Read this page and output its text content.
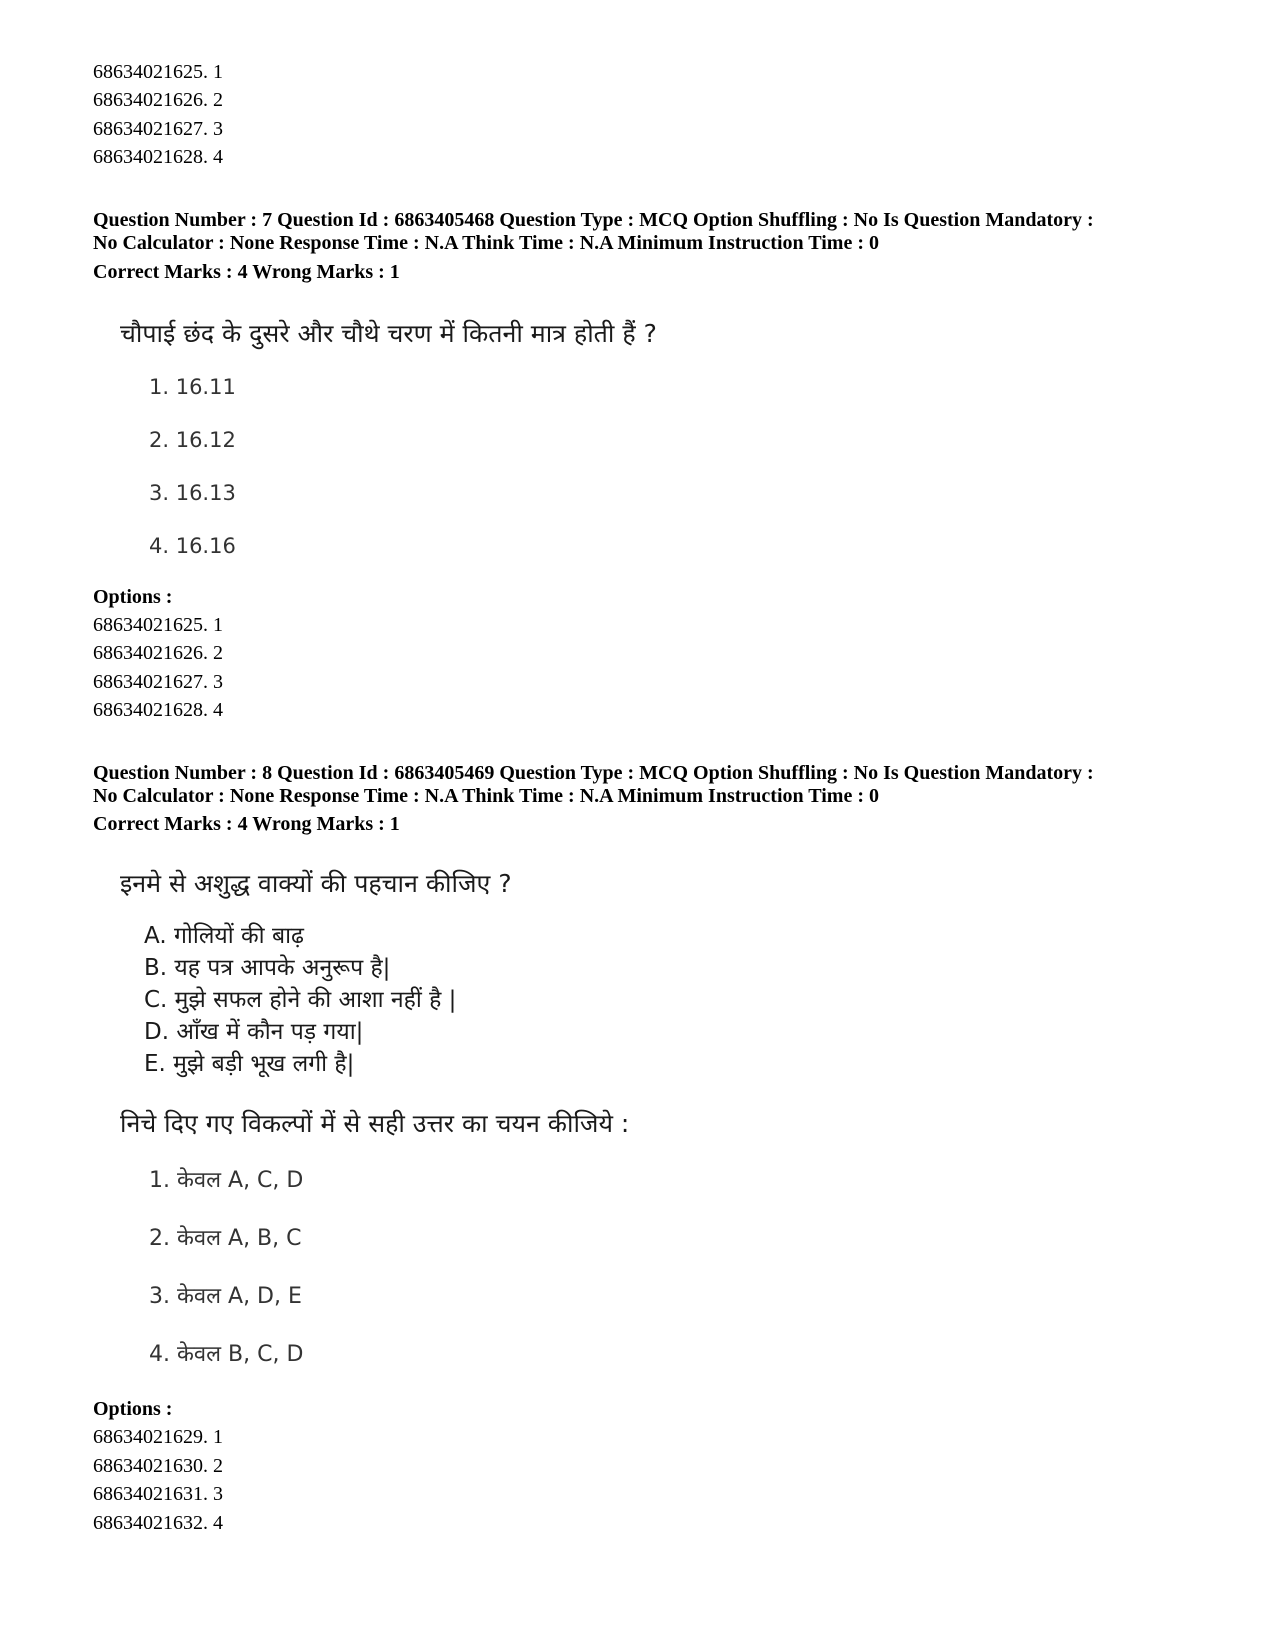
68634021625. 1
68634021626. 2
68634021627. 3
68634021628. 4
Question Number : 7 Question Id : 6863405468 Question Type : MCQ Option Shuffling : No Is Question Mandatory :
No Calculator : None Response Time : N.A Think Time : N.A Minimum Instruction Time : 0
Correct Marks : 4 Wrong Marks : 1
चौपाई छंद के दुसरे और चौथे चरण में कितनी मात्र होती हैं ?
1. 16.11
2. 16.12
3. 16.13
4. 16.16
Options :
68634021625. 1
68634021626. 2
68634021627. 3
68634021628. 4
Question Number : 8 Question Id : 6863405469 Question Type : MCQ Option Shuffling : No Is Question Mandatory :
No Calculator : None Response Time : N.A Think Time : N.A Minimum Instruction Time : 0
Correct Marks : 4 Wrong Marks : 1
इनमे से अशुद्ध वाक्यों की पहचान कीजिए ?
A. गोलियों की बाढ़
B. यह पत्र आपके अनुरूप है|
C. मुझे सफल होने की आशा नहीं है |
D. आँख में कौन पड़ गया|
E. मुझे बड़ी भूख लगी है|
निचे दिए गए विकल्पों में से सही उत्तर का चयन कीजिये :
1. केवल A, C, D
2. केवल A, B, C
3. केवल A, D, E
4. केवल B, C, D
Options :
68634021629. 1
68634021630. 2
68634021631. 3
68634021632. 4
